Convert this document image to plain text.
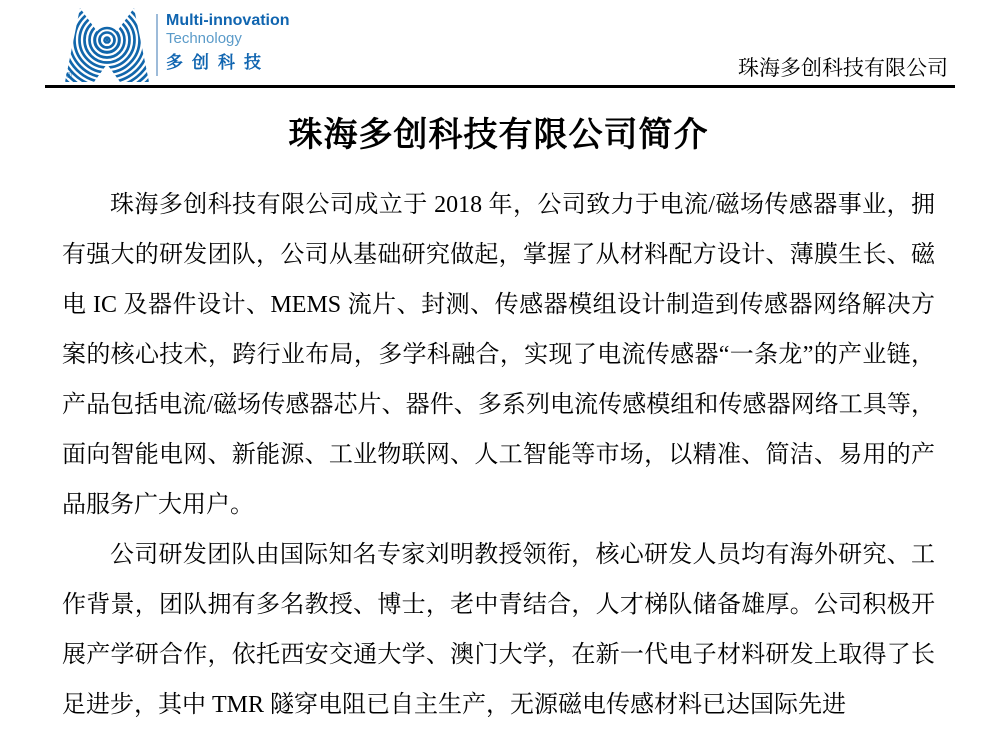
®
Multi-innovation
Technology
多创科技	珠海多创科技有限公司
珠海多创科技有限公司简介

珠海多创科技有限公司成立于 2018 年，公司致力于电流/磁场传感器事业，拥有强大的研发团队，公司从基础研究做起，掌握了从材料配方设计、薄膜生长、磁电 IC 及器件设计、MEMS 流片、封测、传感器模组设计制造到传感器网络解决方案的核心技术，跨行业布局，多学科融合，实现了电流传感器“一条龙”的产业链，产品包括电流/磁场传感器芯片、器件、多系列电流传感模组和传感器网络工具等，面向智能电网、新能源、工业物联网、人工智能等市场，以精准、简洁、易用的产品服务广大用户。

公司研发团队由国际知名专家刘明教授领衔，核心研发人员均有海外研究、工作背景，团队拥有多名教授、博士，老中青结合，人才梯队储备雄厚。公司积极开展产学研合作，依托西安交通大学、澳门大学，在新一代电子材料研发上取得了长足进步，其中 TMR 隧穿电阻已自主生产，无源磁电传感材料已达国际先进
